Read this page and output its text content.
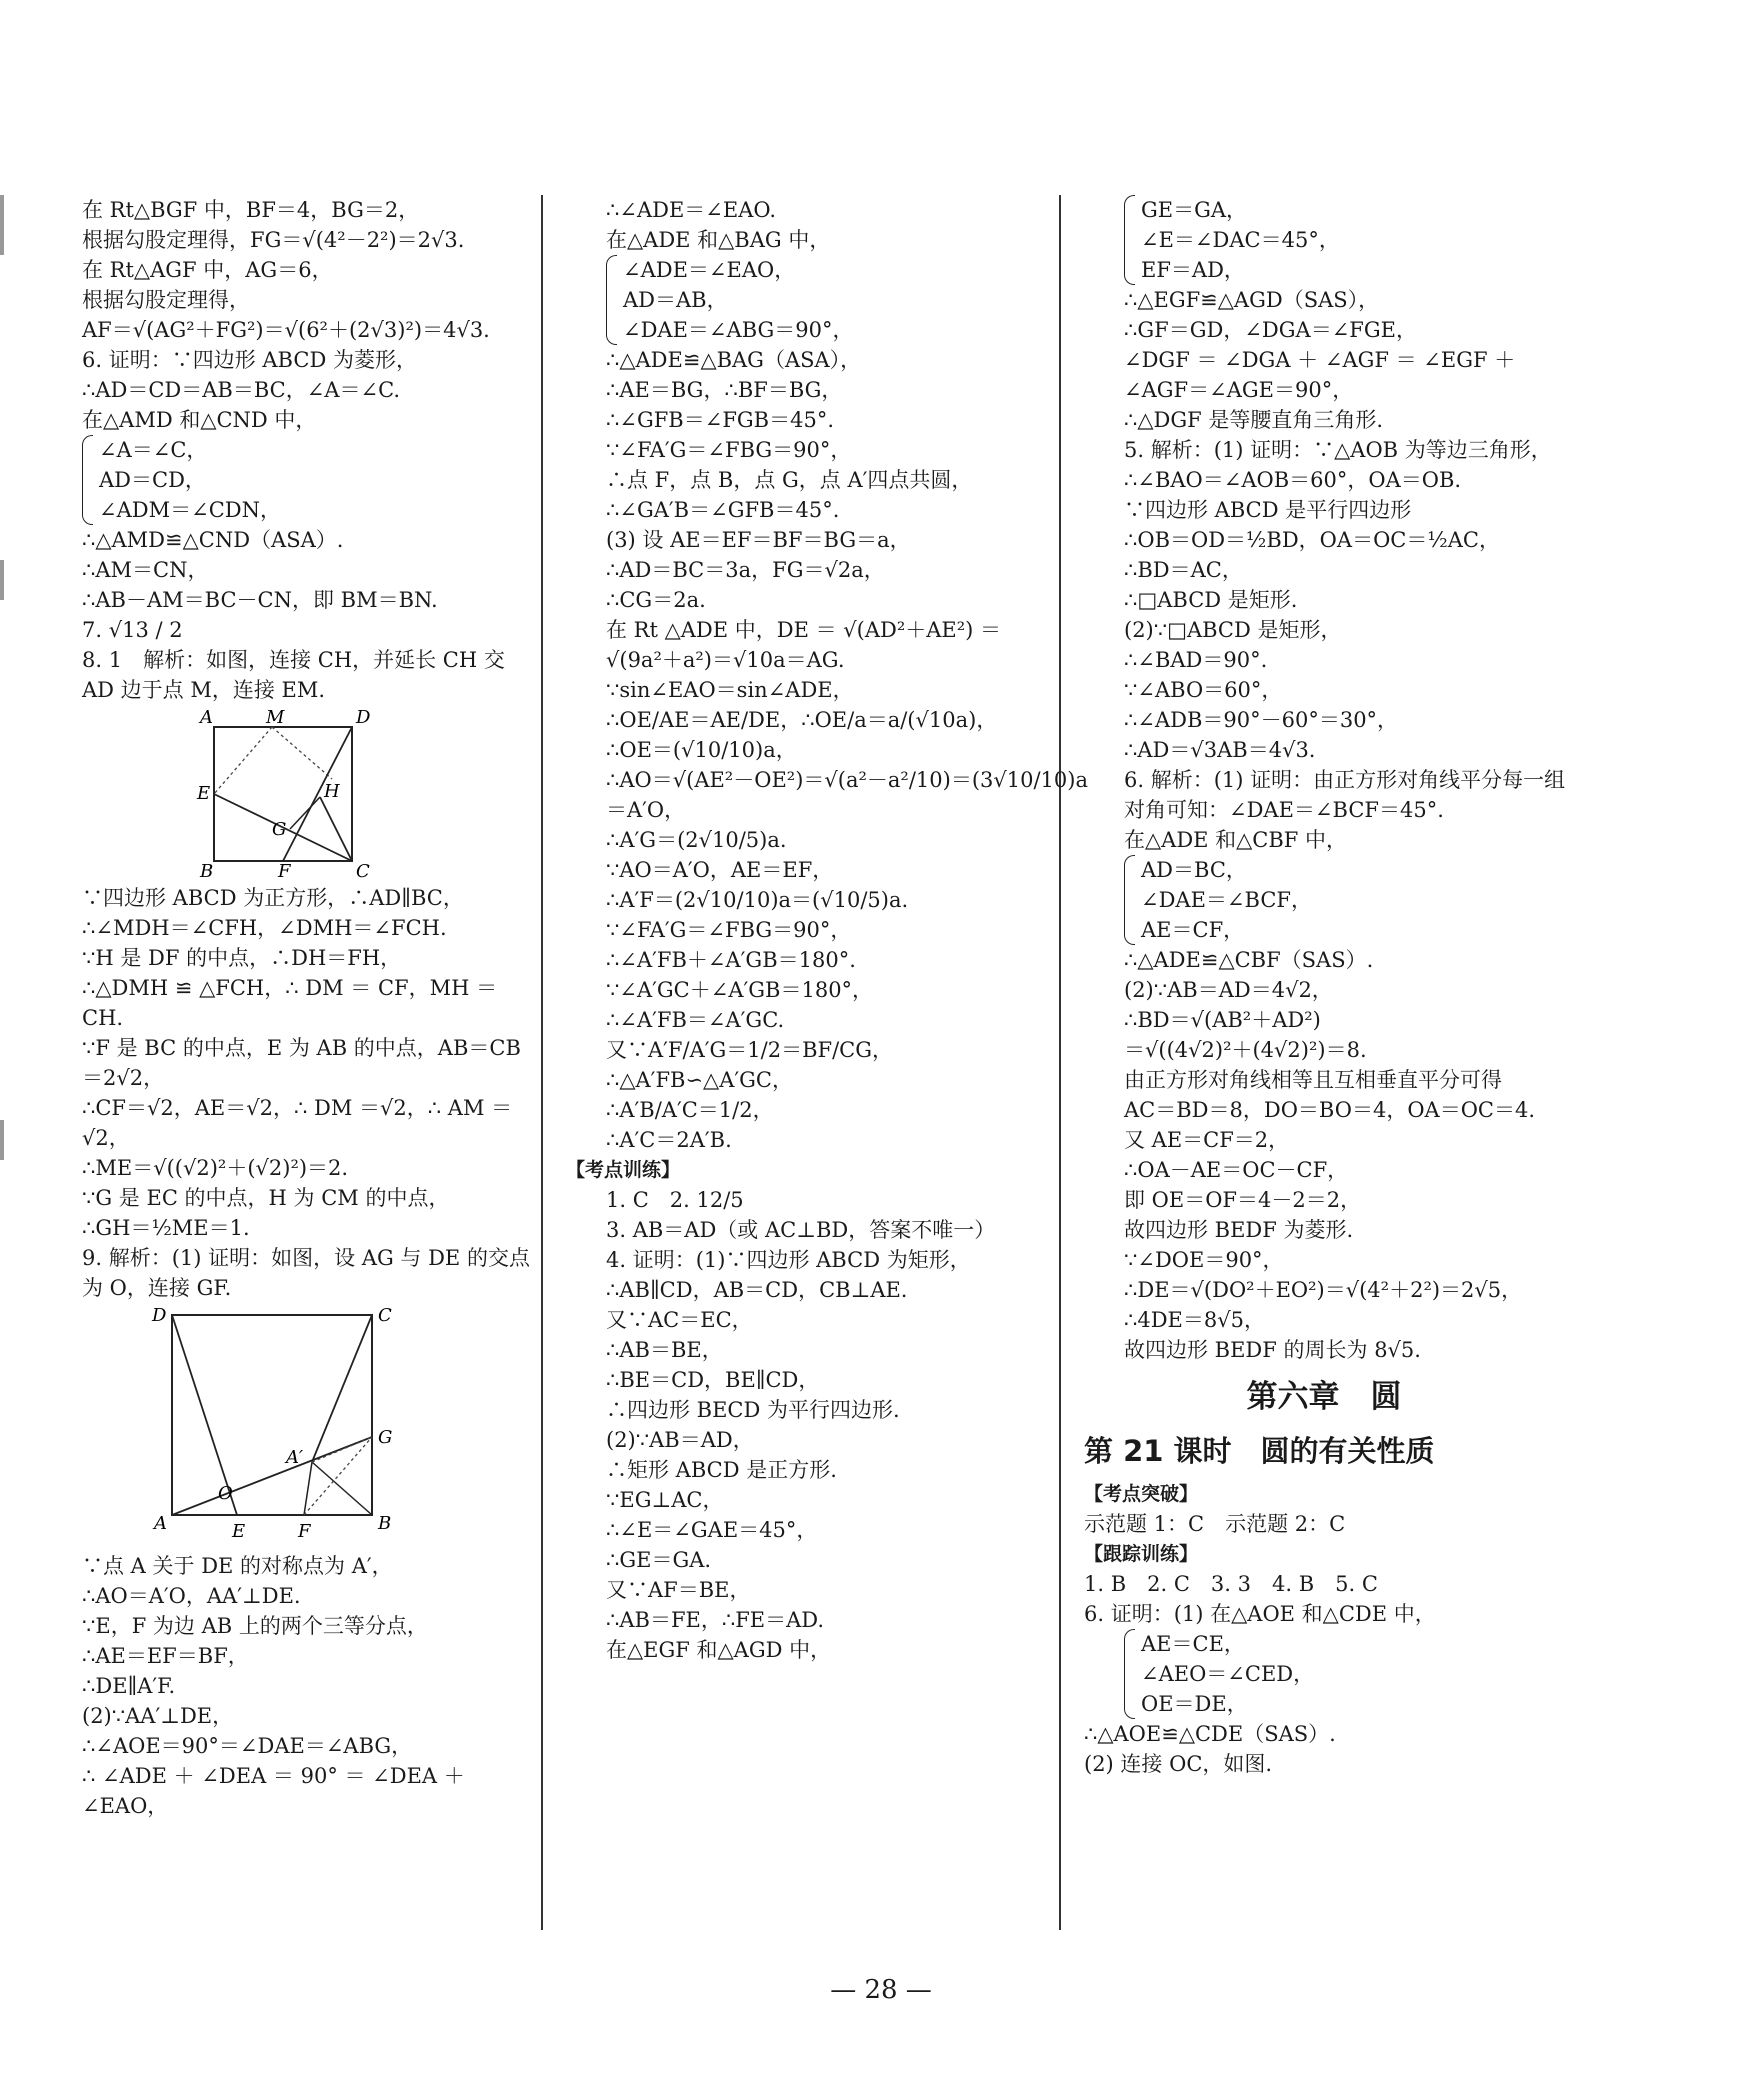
在 Rt△BGF 中，BF＝4，BG＝2，

根据勾股定理得，FG＝√(4²－2²)＝2√3.

在 Rt△AGF 中，AG＝6，

根据勾股定理得，

AF＝√(AG²＋FG²)＝√(6²＋(2√3)²)＝4√3.

6. 证明：∵四边形 ABCD 为菱形，

∴AD＝CD＝AB＝BC，∠A＝∠C.

在△AMD 和△CND 中，

∠A＝∠C，

AD＝CD，

∠ADM＝∠CDN，

∴△AMD≌△CND（ASA）.

∴AM＝CN，

∴AB－AM＝BC－CN，即 BM＝BN.

7. √13 / 2

8. 1　解析：如图，连接 CH，并延长 CH 交

AD 边于点 M，连接 EM.

A	M	D
E	H
G
B	F	C

∵四边形 ABCD 为正方形，∴AD∥BC，

∴∠MDH＝∠CFH，∠DMH＝∠FCH.

∵H 是 DF 的中点，∴DH＝FH，

∴△DMH ≌ △FCH，∴ DM ＝ CF，MH ＝

CH.

∵F 是 BC 的中点，E 为 AB 的中点，AB＝CB

＝2√2，

∴CF＝√2，AE＝√2，∴ DM ＝√2，∴ AM ＝

√2，

∴ME＝√((√2)²＋(√2)²)＝2.

∵G 是 EC 的中点，H 为 CM 的中点，

∴GH＝½ME＝1.

9. 解析：(1) 证明：如图，设 AG 与 DE 的交点

为 O，连接 GF.

D	C
G
A′
O
A	E	F	B

∵点 A 关于 DE 的对称点为 A′，

∴AO＝A′O，AA′⊥DE.

∵E，F 为边 AB 上的两个三等分点，

∴AE＝EF＝BF，

∴DE∥A′F.

(2)∵AA′⊥DE，

∴∠AOE＝90°＝∠DAE＝∠ABG，

∴ ∠ADE ＋ ∠DEA ＝ 90° ＝ ∠DEA ＋

∠EAO，

∴∠ADE＝∠EAO.

在△ADE 和△BAG 中，

∠ADE＝∠EAO，

AD＝AB，

∠DAE＝∠ABG＝90°，

∴△ADE≌△BAG（ASA），

∴AE＝BG，∴BF＝BG，

∴∠GFB＝∠FGB＝45°.

∵∠FA′G＝∠FBG＝90°，

∴点 F，点 B，点 G，点 A′四点共圆，

∴∠GA′B＝∠GFB＝45°.

(3) 设 AE＝EF＝BF＝BG＝a，

∴AD＝BC＝3a，FG＝√2a，

∴CG＝2a.

在 Rt △ADE 中，DE ＝ √(AD²＋AE²) ＝

√(9a²＋a²)＝√10a＝AG.

∵sin∠EAO＝sin∠ADE，

∴OE/AE＝AE/DE，∴OE/a＝a/(√10a)，

∴OE＝(√10/10)a，

∴AO＝√(AE²－OE²)＝√(a²－a²/10)＝(3√10/10)a

＝A′O，

∴A′G＝(2√10/5)a.

∵AO＝A′O，AE＝EF，

∴A′F＝(2√10/10)a＝(√10/5)a.

∵∠FA′G＝∠FBG＝90°，

∴∠A′FB＋∠A′GB＝180°.

∵∠A′GC＋∠A′GB＝180°，

∴∠A′FB＝∠A′GC.

又∵A′F/A′G＝1/2＝BF/CG，

∴△A′FB∽△A′GC，

∴A′B/A′C＝1/2，

∴A′C＝2A′B.

【考点训练】

1. C　2. 12/5

3. AB＝AD（或 AC⊥BD，答案不唯一）

4. 证明：(1)∵四边形 ABCD 为矩形，

∴AB∥CD，AB＝CD，CB⊥AE.

又∵AC＝EC，

∴AB＝BE，

∴BE＝CD，BE∥CD，

∴四边形 BECD 为平行四边形.

(2)∵AB＝AD，

∴矩形 ABCD 是正方形.

∵EG⊥AC，

∴∠E＝∠GAE＝45°，

∴GE＝GA.

又∵AF＝BE，

∴AB＝FE，∴FE＝AD.

在△EGF 和△AGD 中，

GE＝GA，

∠E＝∠DAC＝45°，

EF＝AD，

∴△EGF≌△AGD（SAS），

∴GF＝GD，∠DGA＝∠FGE，

∠DGF ＝ ∠DGA ＋ ∠AGF ＝ ∠EGF ＋

∠AGF＝∠AGE＝90°，

∴△DGF 是等腰直角三角形.

5. 解析：(1) 证明：∵△AOB 为等边三角形，

∴∠BAO＝∠AOB＝60°，OA＝OB.

∵四边形 ABCD 是平行四边形

∴OB＝OD＝½BD，OA＝OC＝½AC，

∴BD＝AC，

∴□ABCD 是矩形.

(2)∵□ABCD 是矩形，

∴∠BAD＝90°.

∵∠ABO＝60°，

∴∠ADB＝90°－60°＝30°，

∴AD＝√3AB＝4√3.

6. 解析：(1) 证明：由正方形对角线平分每一组

对角可知：∠DAE＝∠BCF＝45°.

在△ADE 和△CBF 中，

AD＝BC，

∠DAE＝∠BCF，

AE＝CF，

∴△ADE≌△CBF（SAS）.

(2)∵AB＝AD＝4√2，

∴BD＝√(AB²＋AD²)

＝√((4√2)²＋(4√2)²)＝8.

由正方形对角线相等且互相垂直平分可得

AC＝BD＝8，DO＝BO＝4，OA＝OC＝4.

又 AE＝CF＝2，

∴OA－AE＝OC－CF，

即 OE＝OF＝4－2＝2，

故四边形 BEDF 为菱形.

∵∠DOE＝90°，

∴DE＝√(DO²＋EO²)＝√(4²＋2²)＝2√5，

∴4DE＝8√5，

故四边形 BEDF 的周长为 8√5.

第六章　圆

第 21 课时　圆的有关性质

【考点突破】

示范题 1：C　示范题 2：C

【跟踪训练】

1. B　2. C　3. 3　4. B　5. C

6. 证明：(1) 在△AOE 和△CDE 中，

AE＝CE，

∠AEO＝∠CED，

OE＝DE，

∴△AOE≌△CDE（SAS）.

(2) 连接 OC，如图.

— 28 —
